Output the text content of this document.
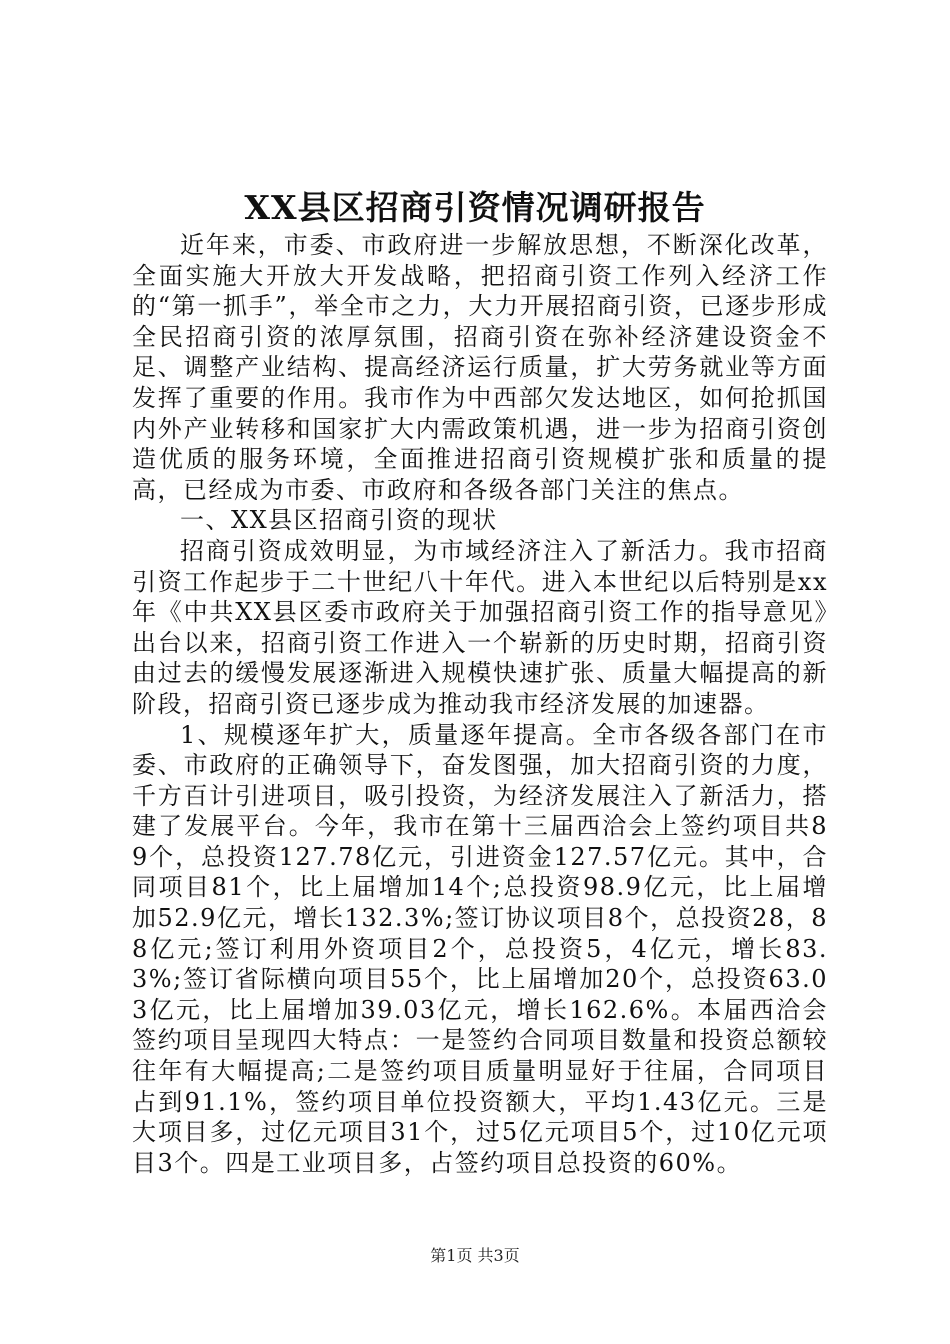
XX县区招商引资情况调研报告

近年来，市委、市政府进一步解放思想，不断深化改革，全面实施大开放大开发战略，把招商引资工作列入经济工作的“第一抓手”，举全市之力，大力开展招商引资，已逐步形成全民招商引资的浓厚氛围，招商引资在弥补经济建设资金不足、调整产业结构、提高经济运行质量，扩大劳务就业等方面发挥了重要的作用。我市作为中西部欠发达地区，如何抢抓国内外产业转移和国家扩大内需政策机遇，进一步为招商引资创造优质的服务环境，全面推进招商引资规模扩张和质量的提高，已经成为市委、市政府和各级各部门关注的焦点。

一、XX县区招商引资的现状

招商引资成效明显，为市域经济注入了新活力。我市招商引资工作起步于二十世纪八十年代。进入本世纪以后特别是xx年《中共XX县区委市政府关于加强招商引资工作的指导意见》出台以来，招商引资工作进入一个崭新的历史时期，招商引资由过去的缓慢发展逐渐进入规模快速扩张、质量大幅提高的新阶段，招商引资已逐步成为推动我市经济发展的加速器。

1、规模逐年扩大，质量逐年提高。全市各级各部门在市委、市政府的正确领导下，奋发图强，加大招商引资的力度，千方百计引进项目，吸引投资，为经济发展注入了新活力，搭建了发展平台。今年，我市在第十三届西洽会上签约项目共89个，总投资127.78亿元，引进资金127.57亿元。其中，合同项目81个，比上届增加14个;总投资98.9亿元，比上届增加52.9亿元，增长132.3%;签订协议项目8个，总投资28，88亿元;签订利用外资项目2个，总投资5，4亿元，增长83.3%;签订省际横向项目55个，比上届增加20个，总投资63.03亿元，比上届增加39.03亿元，增长162.6%。本届西洽会签约项目呈现四大特点：一是签约合同项目数量和投资总额较往年有大幅提高;二是签约项目质量明显好于往届，合同项目占到91.1%，签约项目单位投资额大，平均1.43亿元。三是大项目多，过亿元项目31个，过5亿元项目5个，过10亿元项目3个。四是工业项目多，占签约项目总投资的60%。

第1页 共3页
